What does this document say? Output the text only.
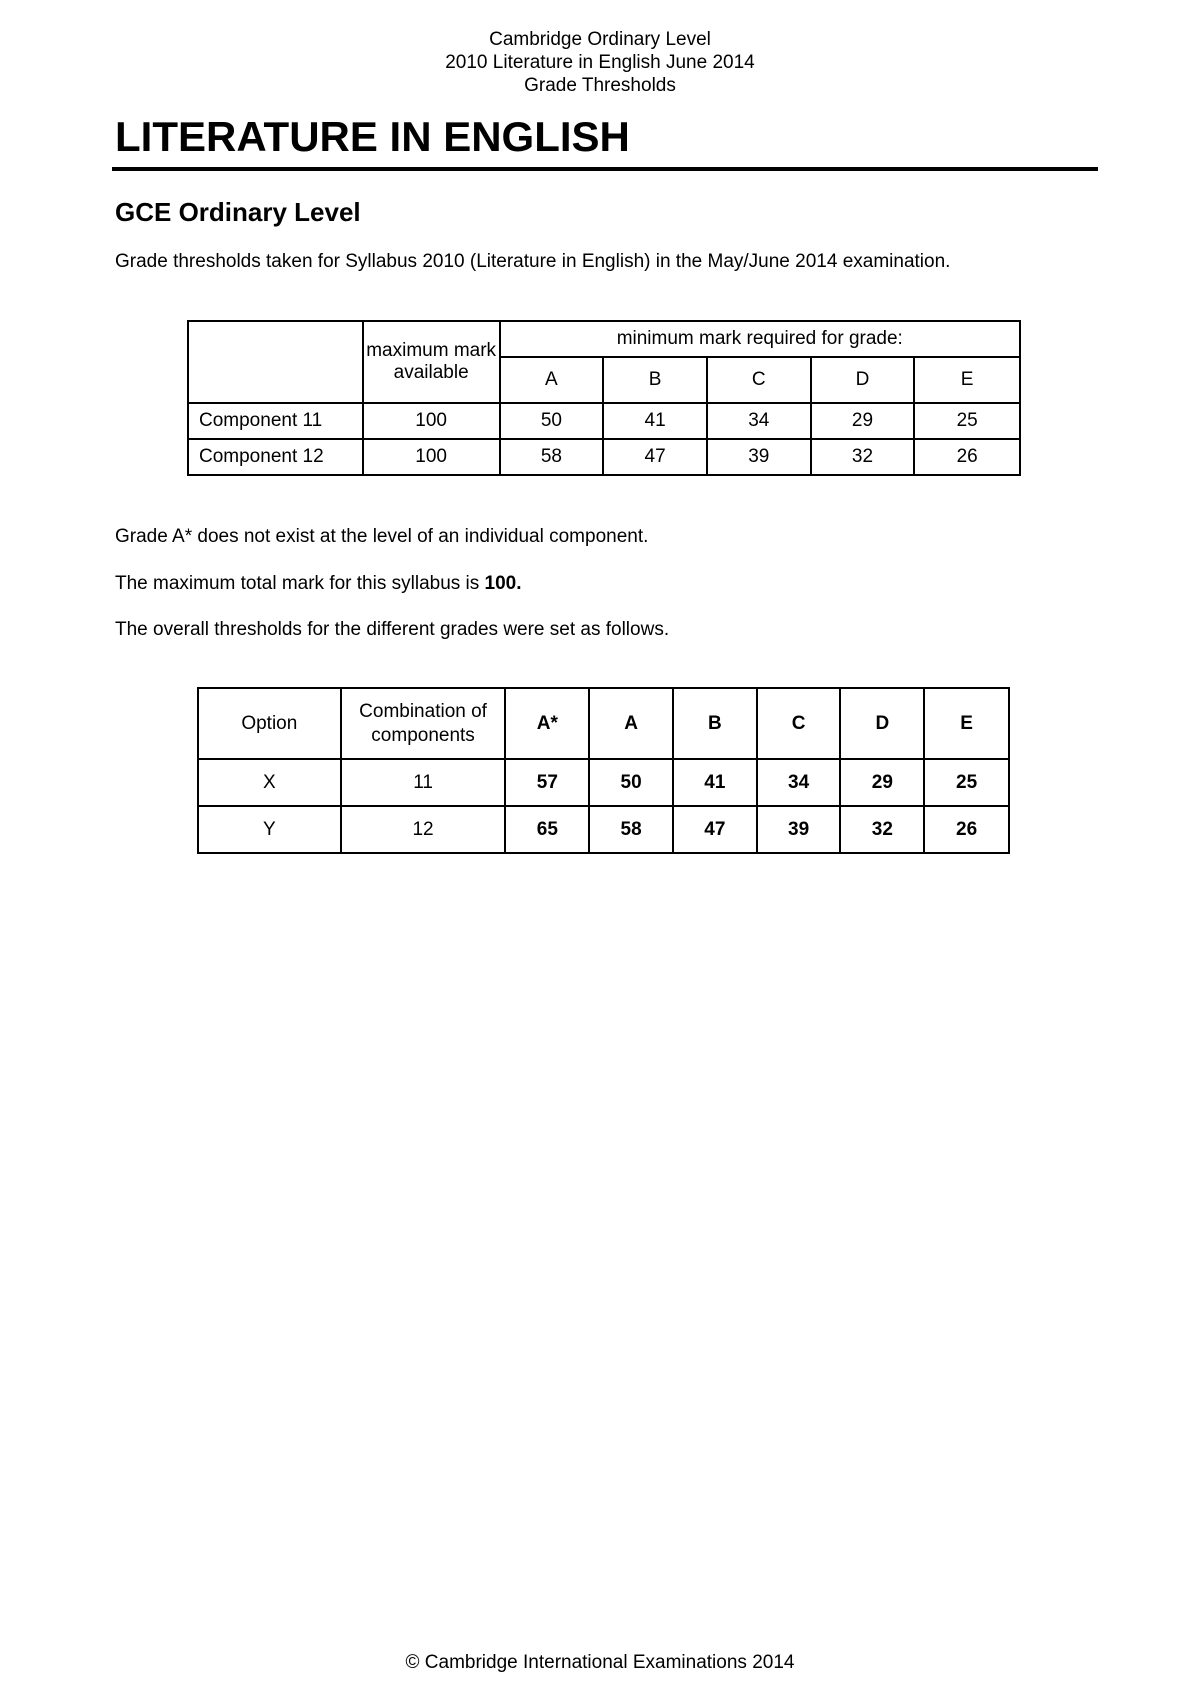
Cambridge Ordinary Level
2010 Literature in English June 2014
Grade Thresholds
LITERATURE IN ENGLISH
GCE Ordinary Level

Grade thresholds taken for Syllabus 2010 (Literature in English) in the May/June 2014 examination.

	maximum mark available	minimum mark required for grade:				
		A	B	C	D	E
Component 11	100	50	41	34	29	25
Component 12	100	58	47	39	32	26

Grade A* does not exist at the level of an individual component.

The maximum total mark for this syllabus is 100.

The overall thresholds for the different grades were set as follows.

Option	Combination of components	A*	A	B	C	D	E
X	11	57	50	41	34	29	25
Y	12	65	58	47	39	32	26
© Cambridge International Examinations 2014
